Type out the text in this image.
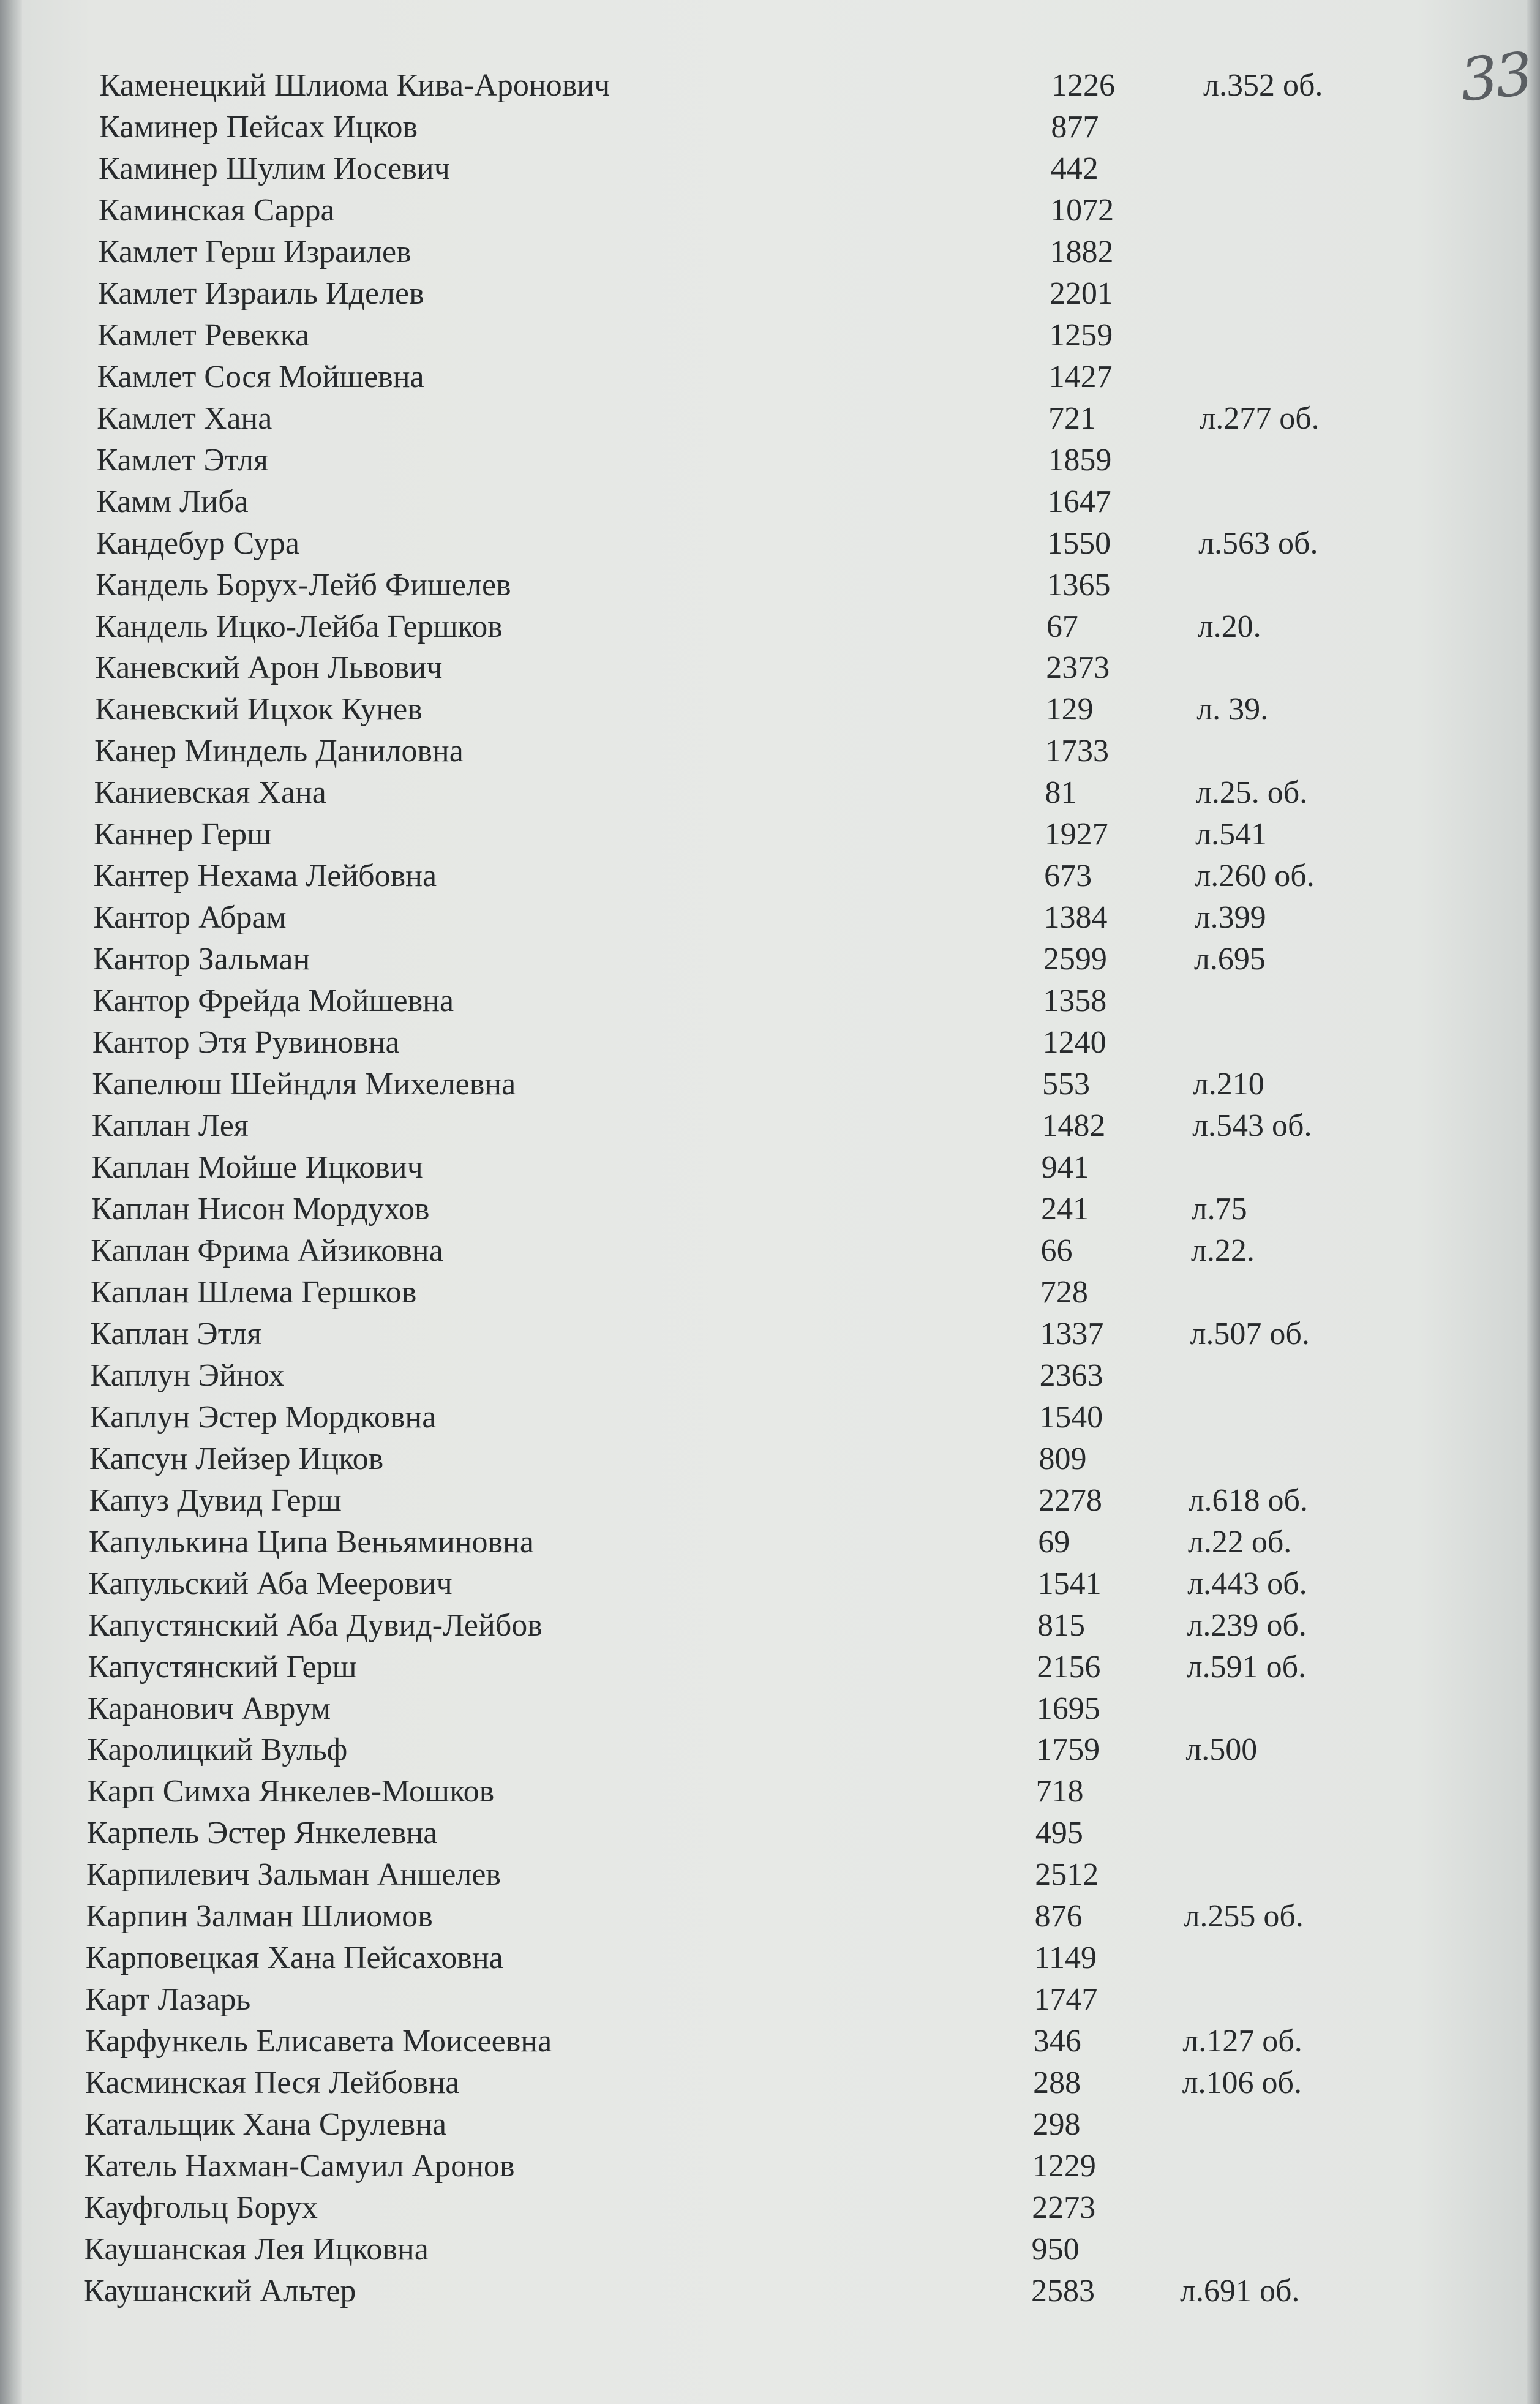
33
Каменецкий Шлиома Кива-Аронович	1226	л.352 об.
Каминер Пейсах Ицков	877
Каминер Шулим Иосевич	442
Каминская Сарра	1072
Камлет Герш Израилев	1882
Камлет Израиль Иделев	2201
Камлет Ревекка	1259
Камлет Сося Мойшевна	1427
Камлет Хана	721	л.277 об.
Камлет Этля	1859
Камм Либа	1647
Кандебур Сура	1550	л.563 об.
Кандель Борух-Лейб Фишелев	1365
Кандель Ицко-Лейба Гершков	67	л.20.
Каневский Арон Львович	2373
Каневский Ицхок Кунев	129	л. 39.
Канер Миндель Даниловна	1733
Каниевская Хана	81	л.25. об.
Каннер Герш	1927	л.541
Кантер Нехама Лейбовна	673	л.260 об.
Кантор Абрам	1384	л.399
Кантор Зальман	2599	л.695
Кантор Фрейда Мойшевна	1358
Кантор Этя Рувиновна	1240
Капелюш Шейндля Михелевна	553	л.210
Каплан Лея	1482	л.543 об.
Каплан Мойше Ицкович	941
Каплан Нисон Мордухов	241	л.75
Каплан Фрима Айзиковна	66	л.22.
Каплан Шлема Гершков	728
Каплан Этля	1337	л.507 об.
Каплун Эйнох	2363
Каплун Эстер Мордковна	1540
Капсун Лейзер Ицков	809
Капуз Дувид Герш	2278	л.618 об.
Капулькина Ципа Веньяминовна	69	л.22 об.
Капульский Аба Меерович	1541	л.443 об.
Капустянский Аба Дувид-Лейбов	815	л.239 об.
Капустянский Герш	2156	л.591 об.
Каранович Аврум	1695
Каролицкий Вульф	1759	л.500
Карп Симха Янкелев-Мошков	718
Карпель Эстер Янкелевна	495
Карпилевич Зальман Аншелев	2512
Карпин Залман Шлиомов	876	л.255 об.
Карповецкая Хана Пейсаховна	1149
Карт Лазарь	1747
Карфункель Елисавета Моисеевна	346	л.127 об.
Касминская Песя Лейбовна	288	л.106 об.
Катальщик Хана Срулевна	298
Катель Нахман-Самуил Аронов	1229
Кауфгольц Борух	2273
Каушанская Лея Ицковна	950
Каушанский Альтер	2583	л.691 об.
